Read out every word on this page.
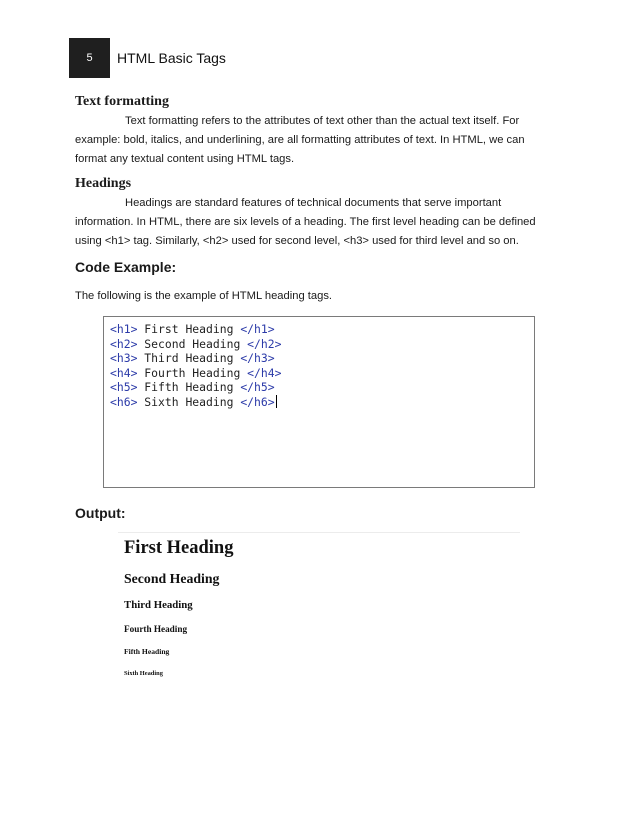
5	HTML Basic Tags
Text formatting
Text formatting refers to the attributes of text other than the actual text itself. For
example: bold, italics, and underlining, are all formatting attributes of text. In HTML, we can
format any textual content using HTML tags.
Headings
Headings are standard features of technical documents that serve important
information. In HTML, there are six levels of a heading. The first level heading can be defined
using <h1> tag. Similarly, <h2> used for second level, <h3> used for third level and so on.
Code Example:
The following is the example of HTML heading tags.
<h1> First Heading </h1>
<h2> Second Heading </h2>
<h3> Third Heading </h3>
<h4> Fourth Heading </h4>
<h5> Fifth Heading </h5>
<h6> Sixth Heading </h6>
Output:
First Heading
Second Heading
Third Heading
Fourth Heading
Fifth Heading
Sixth Heading
